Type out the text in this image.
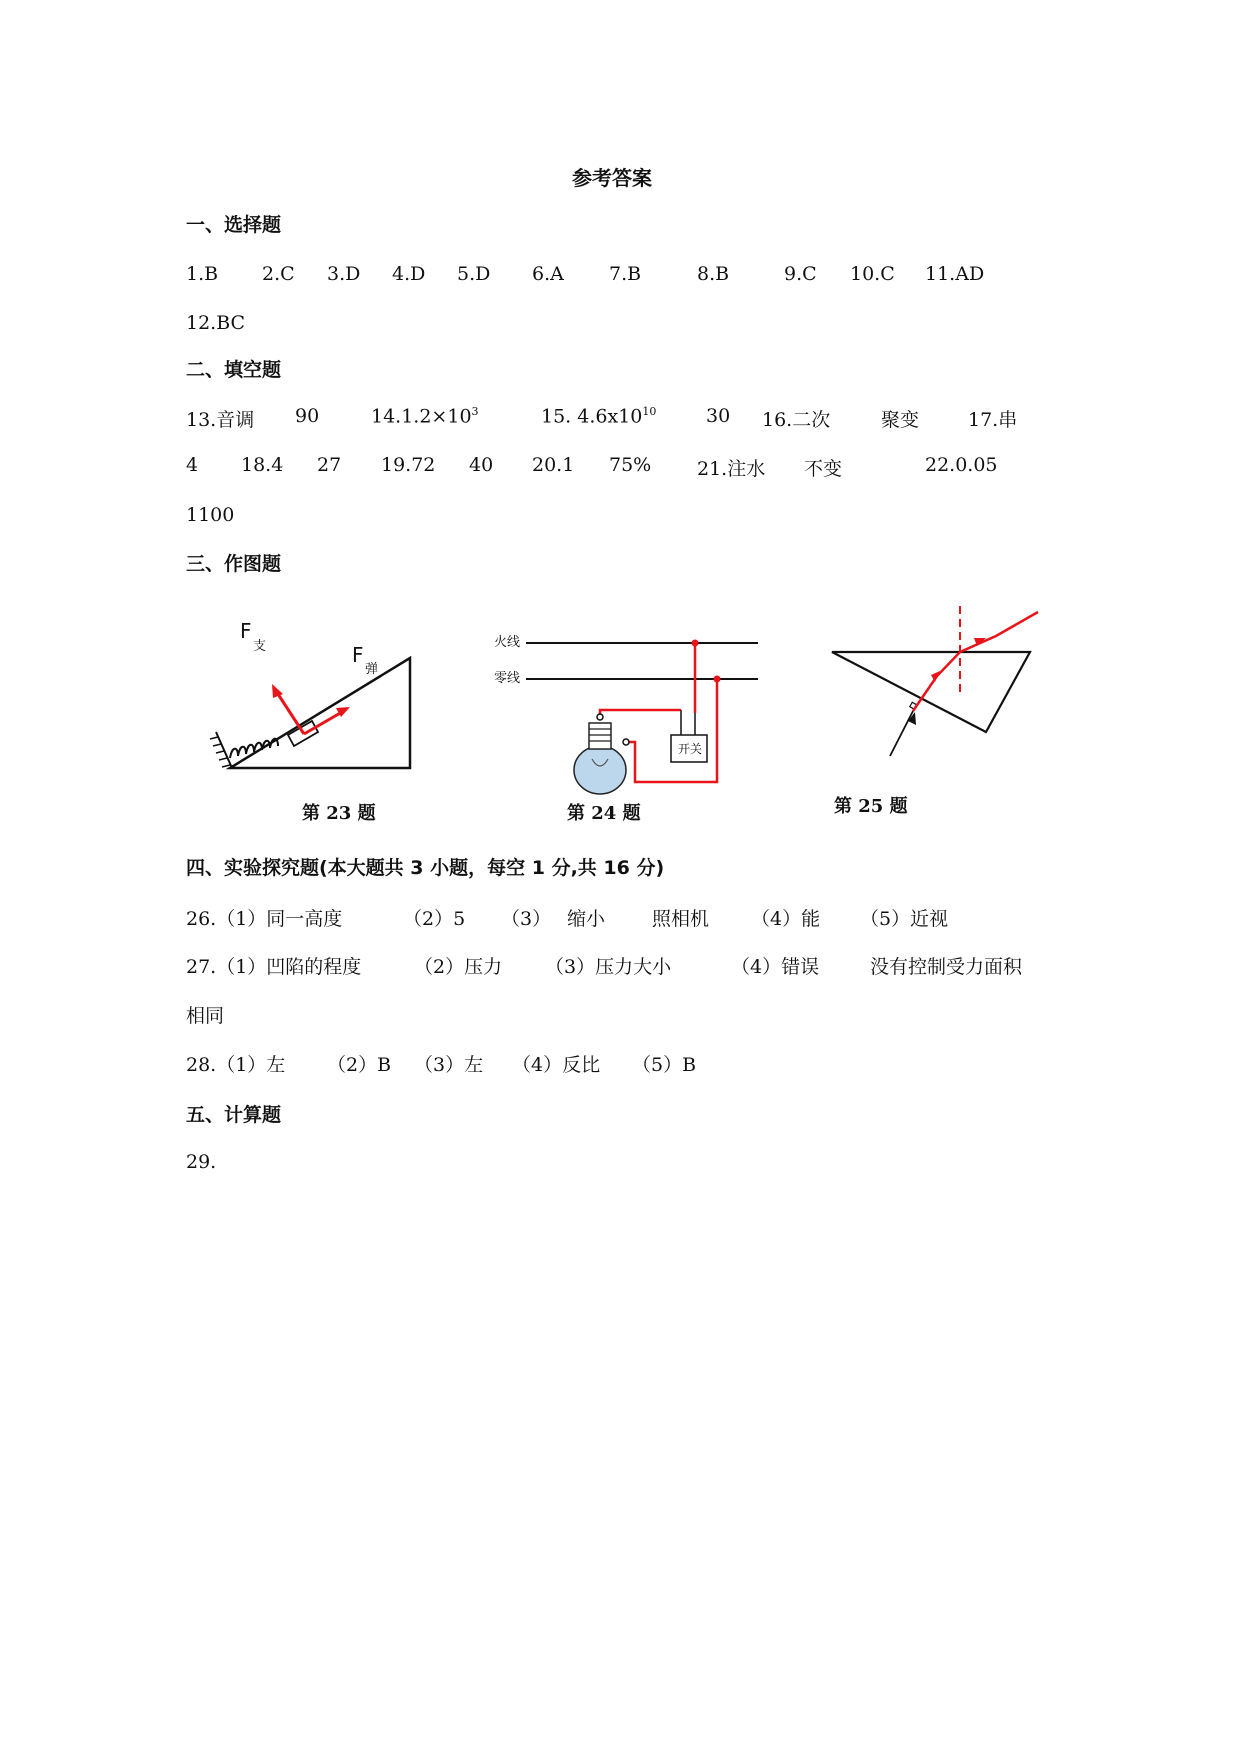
参考答案
一、选择题
1.B 2.C 3.D 4.D 5.D 6.A 7.B	8.B	9.C 10.C 11.AD
12.BC
二、填空题
13.音调 90	$14.1.2\times 10^3$	15. $4.6x10^{10}$	30 16.二次	聚变	17.串
4 18.4 27 19.72 40 20.1 75% 21.注水 不变	22.0.05
1100
三、作图题
F
支	F
弹
第 23 题
火线
零线
开关
第 24 题	第 25 题
四、实验探究题(本大题共 3 小题，每空 1 分,共 16 分)
26.（1）同一高度	（2）5 （3） 缩小 照相机 （4）能 （5）近视
27.（1）凹陷的程度	（2）压力 （3）压力大小	（4）错误	没有控制受力面积
相同
28.（1）左 （2）B （3）左 （4）反比 （5）B
五、计算题
29.
